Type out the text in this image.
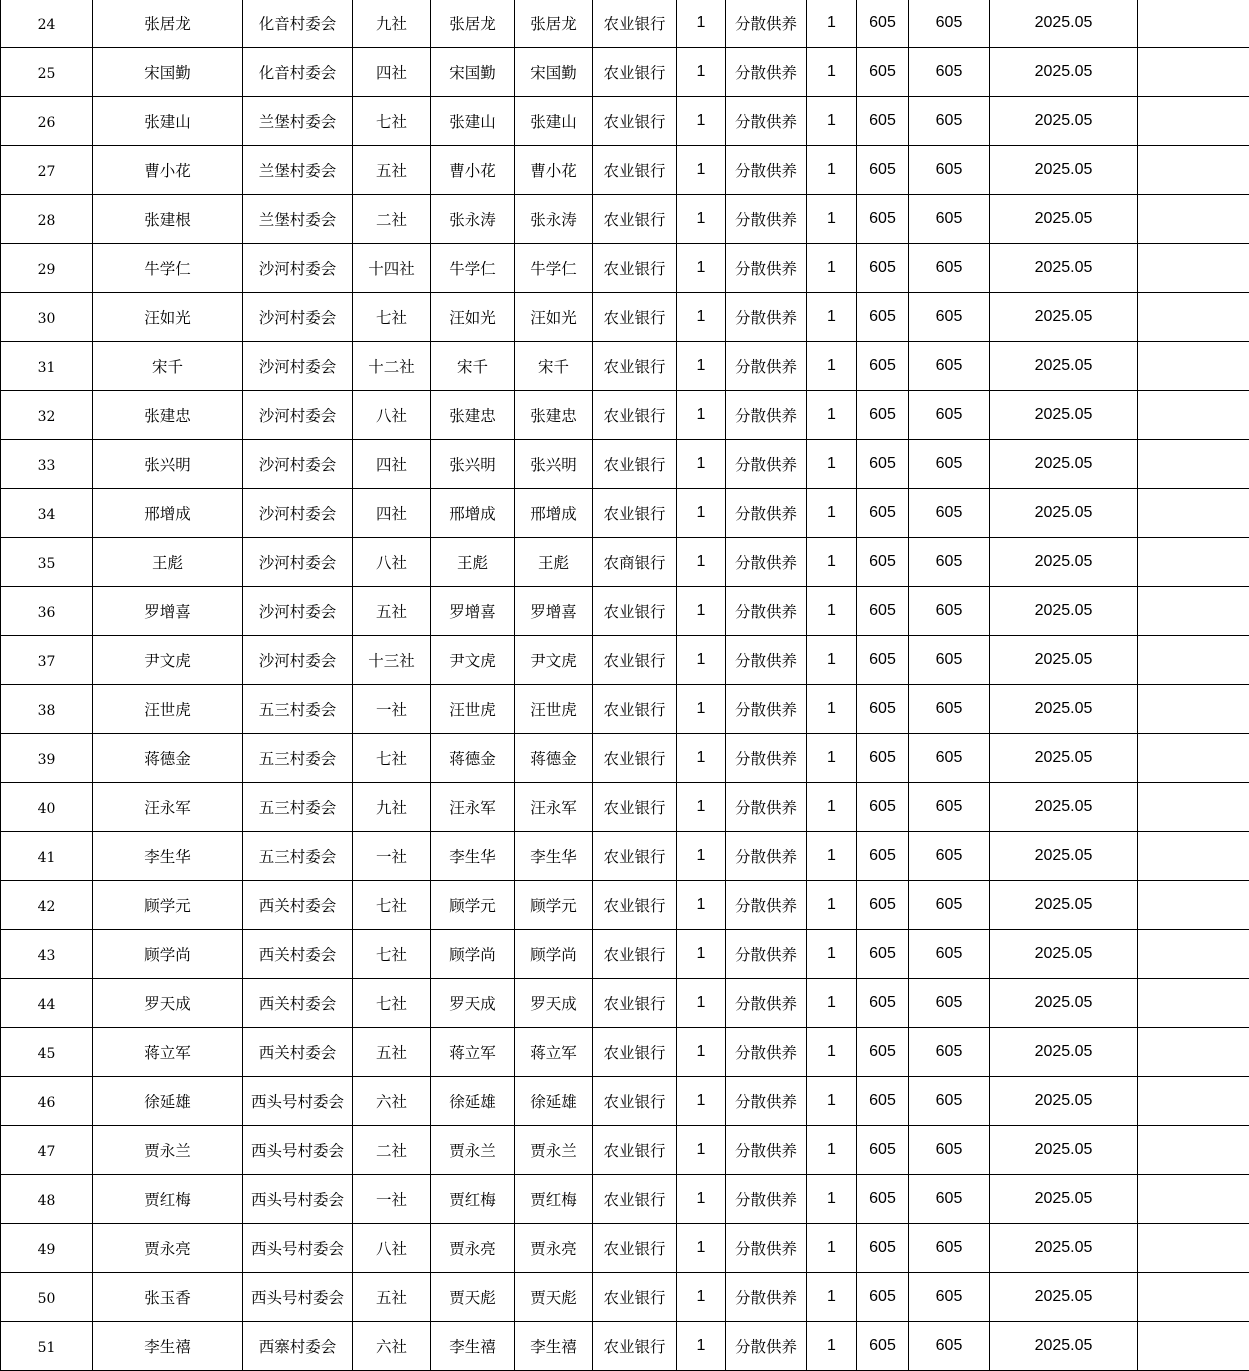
24	张居龙	化音村委会	九社	张居龙	张居龙	农业银行	1	分散供养	1	605	605	2025.05	
25	宋国勤	化音村委会	四社	宋国勤	宋国勤	农业银行	1	分散供养	1	605	605	2025.05	
26	张建山	兰堡村委会	七社	张建山	张建山	农业银行	1	分散供养	1	605	605	2025.05	
27	曹小花	兰堡村委会	五社	曹小花	曹小花	农业银行	1	分散供养	1	605	605	2025.05	
28	张建根	兰堡村委会	二社	张永涛	张永涛	农业银行	1	分散供养	1	605	605	2025.05	
29	牛学仁	沙河村委会	十四社	牛学仁	牛学仁	农业银行	1	分散供养	1	605	605	2025.05	
30	汪如光	沙河村委会	七社	汪如光	汪如光	农业银行	1	分散供养	1	605	605	2025.05	
31	宋千	沙河村委会	十二社	宋千	宋千	农业银行	1	分散供养	1	605	605	2025.05	
32	张建忠	沙河村委会	八社	张建忠	张建忠	农业银行	1	分散供养	1	605	605	2025.05	
33	张兴明	沙河村委会	四社	张兴明	张兴明	农业银行	1	分散供养	1	605	605	2025.05	
34	邢增成	沙河村委会	四社	邢增成	邢增成	农业银行	1	分散供养	1	605	605	2025.05	
35	王彪	沙河村委会	八社	王彪	王彪	农商银行	1	分散供养	1	605	605	2025.05	
36	罗增喜	沙河村委会	五社	罗增喜	罗增喜	农业银行	1	分散供养	1	605	605	2025.05	
37	尹文虎	沙河村委会	十三社	尹文虎	尹文虎	农业银行	1	分散供养	1	605	605	2025.05	
38	汪世虎	五三村委会	一社	汪世虎	汪世虎	农业银行	1	分散供养	1	605	605	2025.05	
39	蒋德金	五三村委会	七社	蒋德金	蒋德金	农业银行	1	分散供养	1	605	605	2025.05	
40	汪永军	五三村委会	九社	汪永军	汪永军	农业银行	1	分散供养	1	605	605	2025.05	
41	李生华	五三村委会	一社	李生华	李生华	农业银行	1	分散供养	1	605	605	2025.05	
42	顾学元	西关村委会	七社	顾学元	顾学元	农业银行	1	分散供养	1	605	605	2025.05	
43	顾学尚	西关村委会	七社	顾学尚	顾学尚	农业银行	1	分散供养	1	605	605	2025.05	
44	罗天成	西关村委会	七社	罗天成	罗天成	农业银行	1	分散供养	1	605	605	2025.05	
45	蒋立军	西关村委会	五社	蒋立军	蒋立军	农业银行	1	分散供养	1	605	605	2025.05	
46	徐延雄	西头号村委会	六社	徐延雄	徐延雄	农业银行	1	分散供养	1	605	605	2025.05	
47	贾永兰	西头号村委会	二社	贾永兰	贾永兰	农业银行	1	分散供养	1	605	605	2025.05	
48	贾红梅	西头号村委会	一社	贾红梅	贾红梅	农业银行	1	分散供养	1	605	605	2025.05	
49	贾永亮	西头号村委会	八社	贾永亮	贾永亮	农业银行	1	分散供养	1	605	605	2025.05	
50	张玉香	西头号村委会	五社	贾天彪	贾天彪	农业银行	1	分散供养	1	605	605	2025.05	
51	李生禧	西寨村委会	六社	李生禧	李生禧	农业银行	1	分散供养	1	605	605	2025.05	
